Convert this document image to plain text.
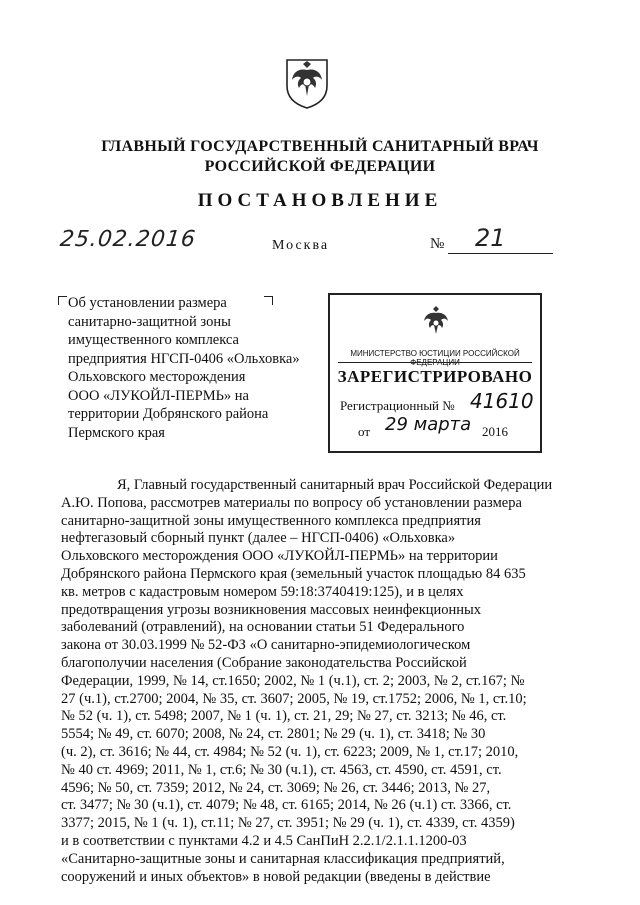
ГЛАВНЫЙ ГОСУДАРСТВЕННЫЙ САНИТАРНЫЙ ВРАЧ
РОССИЙСКОЙ ФЕДЕРАЦИИ
ПОСТАНОВЛЕНИЕ
25.02.2016	Москва	№ 21
Об установлении размера
санитарно-защитной зоны
имущественного комплекса
предприятия НГСП-0406 «Ольховка»
Ольховского месторождения
ООО «ЛУКОЙЛ-ПЕРМЬ» на
территории Добрянского района
Пермского края
МИНИСТЕРСТВО ЮСТИЦИИ РОССИЙСКОЙ ФЕДЕРАЦИИ
ЗАРЕГИСТРИРОВАНО
Регистрационный № 41610
от 29 марта 2016

Я, Главный государственный санитарный врач Российской Федерации

А.Ю. Попова, рассмотрев материалы по вопросу об установлении размера

санитарно-защитной зоны имущественного комплекса предприятия

нефтегазовый сборный пункт (далее – НГСП-0406) «Ольховка»

Ольховского месторождения ООО «ЛУКОЙЛ-ПЕРМЬ» на территории

Добрянского района Пермского края (земельный участок площадью 84 635

кв. метров с кадастровым номером 59:18:3740419:125), и в целях

предотвращения угрозы возникновения массовых неинфекционных

заболеваний (отравлений), на основании статьи 51 Федерального

закона от 30.03.1999 № 52-ФЗ «О санитарно-эпидемиологическом

благополучии населения (Собрание законодательства Российской

Федерации, 1999, № 14, ст.1650; 2002, № 1 (ч.1), ст. 2; 2003, № 2, ст.167; №

27 (ч.1), ст.2700; 2004, № 35, ст. 3607; 2005, № 19, ст.1752; 2006, № 1, ст.10;

№ 52 (ч. 1), ст. 5498; 2007, № 1 (ч. 1), ст. 21, 29; № 27, ст. 3213; № 46, ст.

5554; № 49, ст. 6070; 2008, № 24, ст. 2801; № 29 (ч. 1), ст. 3418; № 30

(ч. 2), ст. 3616; № 44, ст. 4984; № 52 (ч. 1), ст. 6223; 2009, № 1, ст.17; 2010,

№ 40 ст. 4969; 2011, № 1, ст.6; № 30 (ч.1), ст. 4563, ст. 4590, ст. 4591, ст.

4596; № 50, ст. 7359; 2012, № 24, ст. 3069; № 26, ст. 3446; 2013, № 27,

ст. 3477; № 30 (ч.1), ст. 4079; № 48, ст. 6165; 2014, № 26 (ч.1) ст. 3366, ст.

3377; 2015, № 1 (ч. 1), ст.11; № 27, ст. 3951; № 29 (ч. 1), ст. 4339, ст. 4359)

и в соответствии с пунктами 4.2 и 4.5 СанПиН 2.2.1/2.1.1.1200-03

«Санитарно-защитные зоны и санитарная классификация предприятий,

сооружений и иных объектов» в новой редакции (введены в действие
